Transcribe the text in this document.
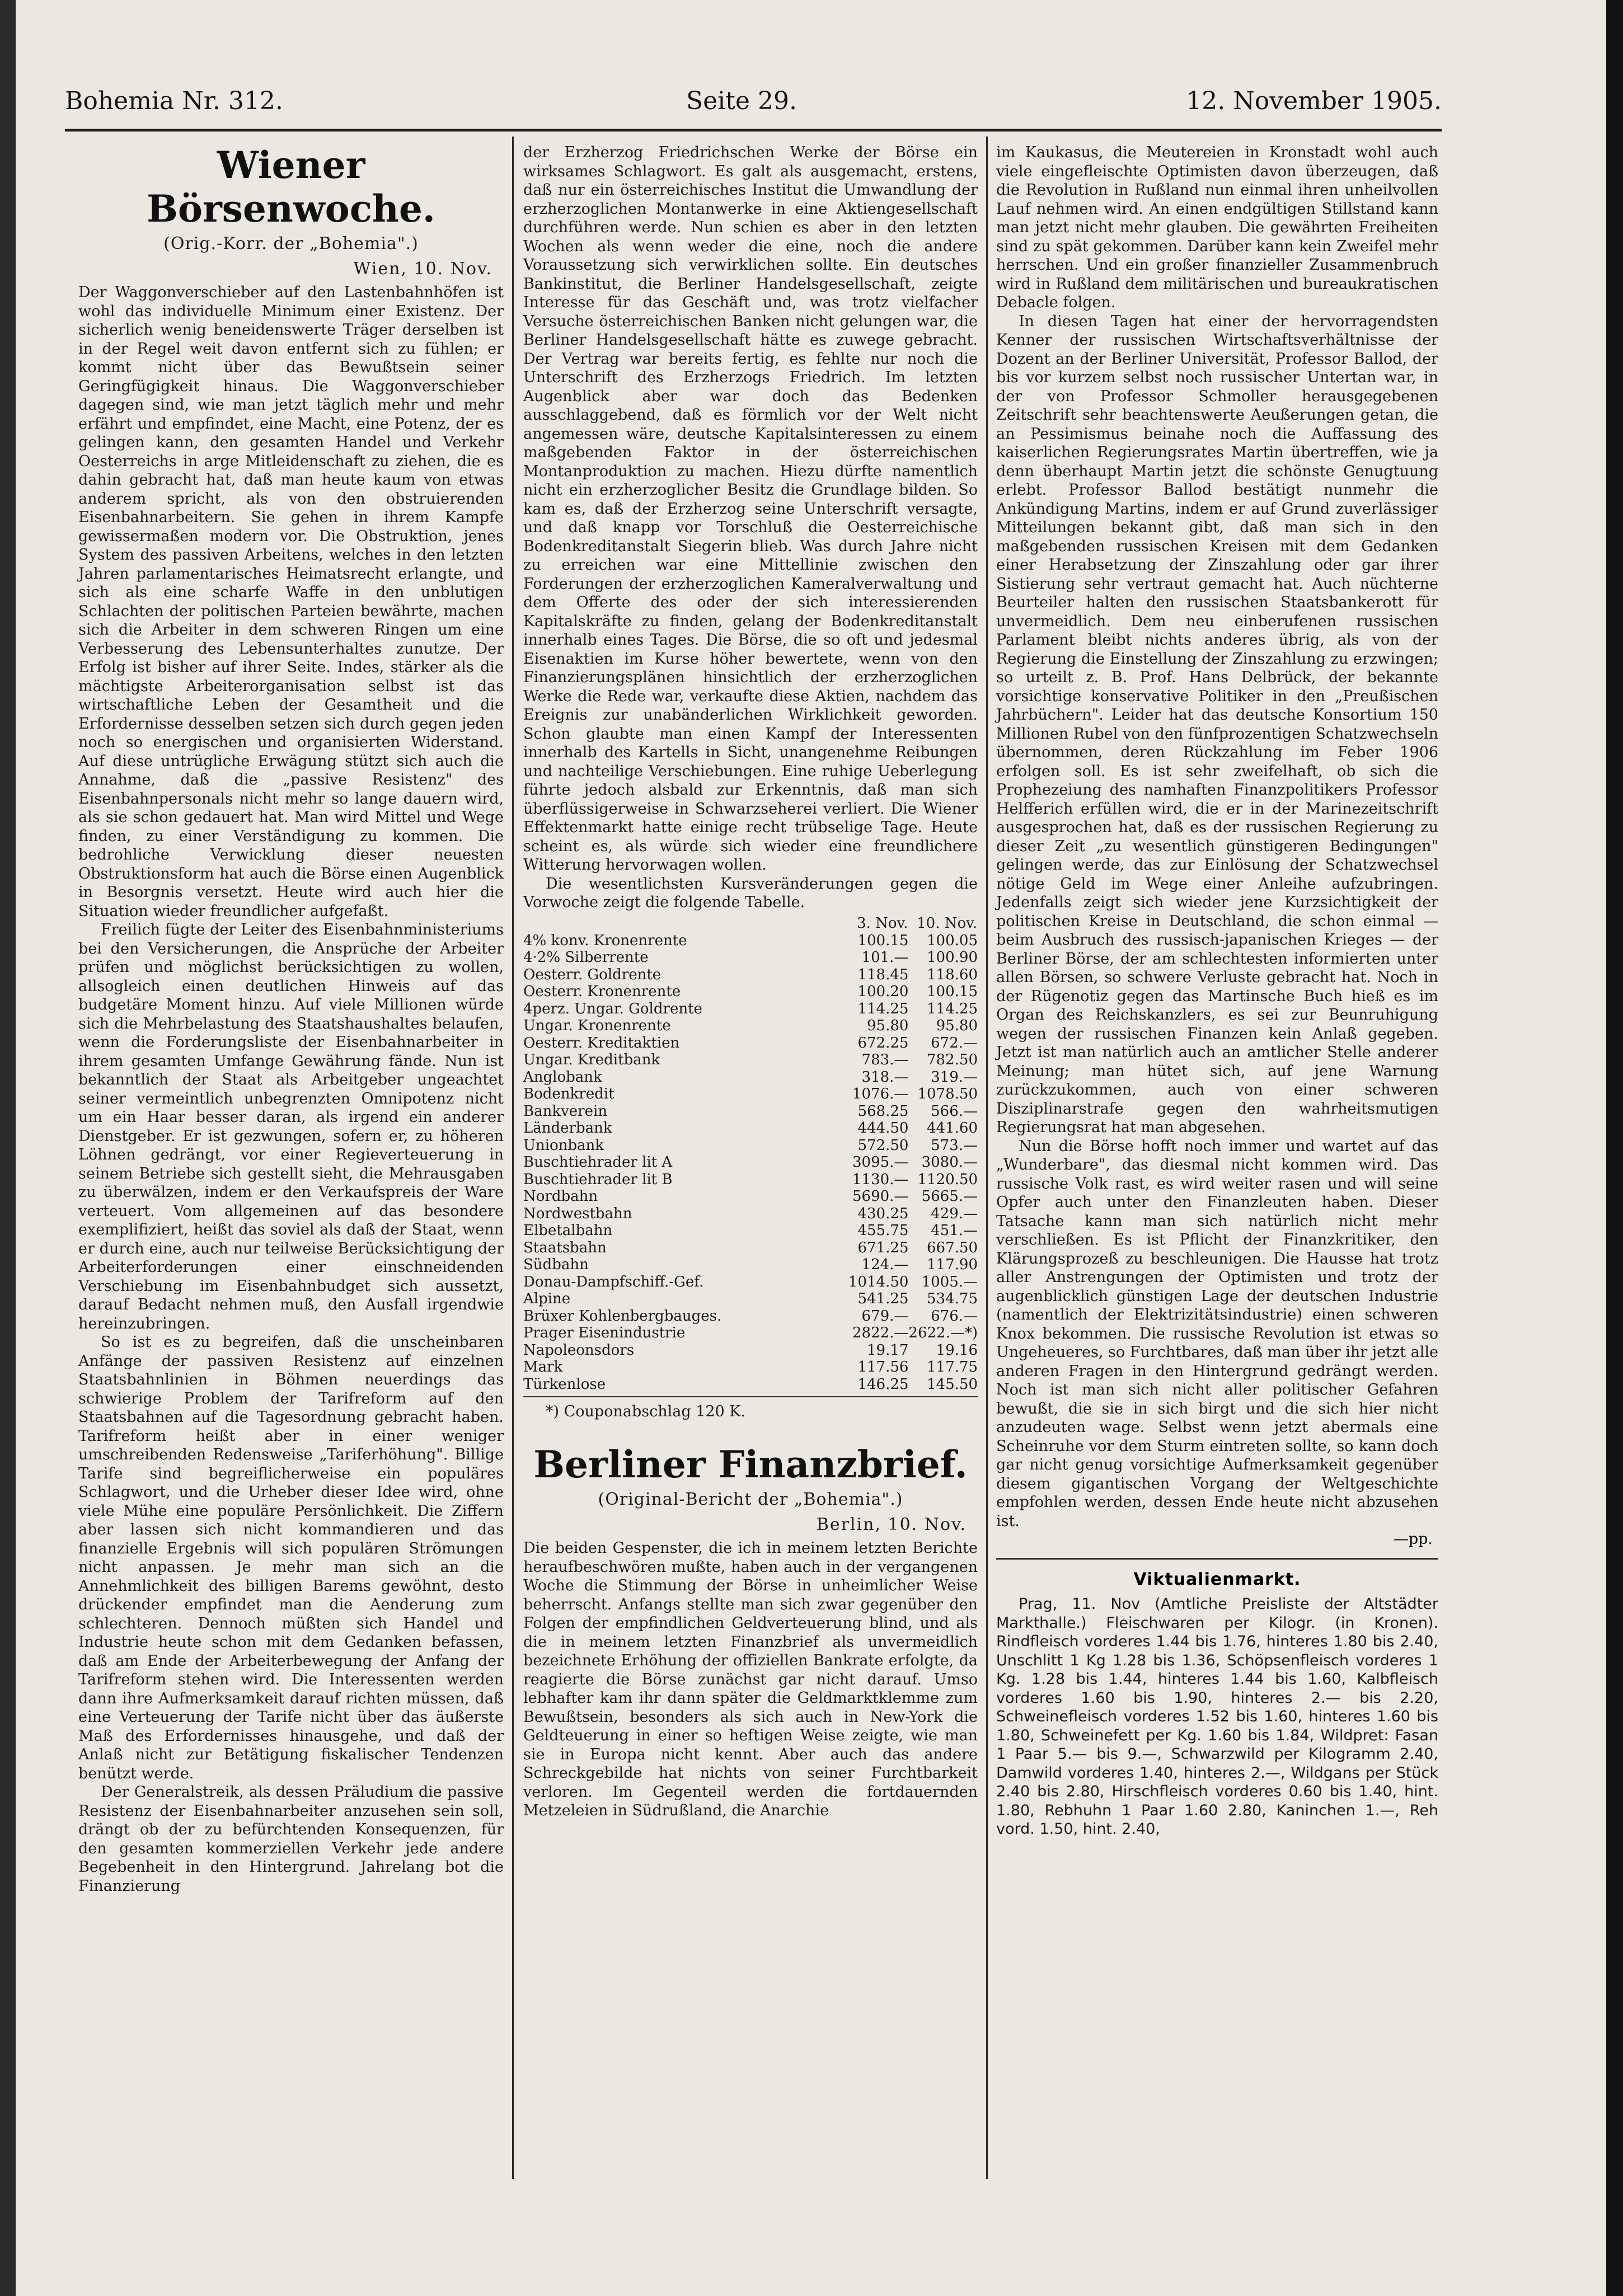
Bohemia Nr. 312.	Seite 29.	12. November 1905.
Wiener Börsenwoche.
(Orig.-Korr. der „Bohemia".)
Wien, 10. Nov.

Der Waggonverschieber auf den Lastenbahnhöfen ist wohl das individuelle Minimum einer Existenz. Der sicherlich wenig beneidenswerte Träger derselben ist in der Regel weit davon entfernt sich zu fühlen; er kommt nicht über das Bewußtsein seiner Geringfügigkeit hinaus. Die Waggonverschieber dagegen sind, wie man jetzt täglich mehr und mehr erfährt und empfindet, eine Macht, eine Potenz, der es gelingen kann, den gesamten Handel und Verkehr Oesterreichs in arge Mitleidenschaft zu ziehen, die es dahin gebracht hat, daß man heute kaum von etwas anderem spricht, als von den obstruierenden Eisenbahnarbeitern. Sie gehen in ihrem Kampfe gewissermaßen modern vor. Die Obstruktion, jenes System des passiven Arbeitens, welches in den letzten Jahren parlamentarisches Heimatsrecht erlangte, und sich als eine scharfe Waffe in den unblutigen Schlachten der politischen Parteien bewährte, machen sich die Arbeiter in dem schweren Ringen um eine Verbesserung des Lebensunterhaltes zunutze. Der Erfolg ist bisher auf ihrer Seite. Indes, stärker als die mächtigste Arbeiterorganisation selbst ist das wirtschaftliche Leben der Gesamtheit und die Erfordernisse desselben setzen sich durch gegen jeden noch so energischen und organisierten Widerstand. Auf diese untrügliche Erwägung stützt sich auch die Annahme, daß die „passive Resistenz" des Eisenbahnpersonals nicht mehr so lange dauern wird, als sie schon gedauert hat. Man wird Mittel und Wege finden, zu einer Verständigung zu kommen. Die bedrohliche Verwicklung dieser neuesten Obstruktionsform hat auch die Börse einen Augenblick in Besorgnis versetzt. Heute wird auch hier die Situation wieder freundlicher aufgefaßt.

Freilich fügte der Leiter des Eisenbahnministeriums bei den Versicherungen, die Ansprüche der Arbeiter prüfen und möglichst berücksichtigen zu wollen, allsogleich einen deutlichen Hinweis auf das budgetäre Moment hinzu. Auf viele Millionen würde sich die Mehrbelastung des Staatshaushaltes belaufen, wenn die Forderungsliste der Eisenbahnarbeiter in ihrem gesamten Umfange Gewährung fände. Nun ist bekanntlich der Staat als Arbeitgeber ungeachtet seiner vermeintlich unbegrenzten Omnipotenz nicht um ein Haar besser daran, als irgend ein anderer Dienstgeber. Er ist gezwungen, sofern er, zu höheren Löhnen gedrängt, vor einer Regieverteuerung in seinem Betriebe sich gestellt sieht, die Mehrausgaben zu überwälzen, indem er den Verkaufspreis der Ware verteuert. Vom allgemeinen auf das besondere exemplifiziert, heißt das soviel als daß der Staat, wenn er durch eine, auch nur teilweise Berücksichtigung der Arbeiterforderungen einer einschneidenden Verschiebung im Eisenbahnbudget sich aussetzt, darauf Bedacht nehmen muß, den Ausfall irgendwie hereinzubringen.

So ist es zu begreifen, daß die unscheinbaren Anfänge der passiven Resistenz auf einzelnen Staatsbahnlinien in Böhmen neuerdings das schwierige Problem der Tarifreform auf den Staatsbahnen auf die Tagesordnung gebracht haben. Tarifreform heißt aber in einer weniger umschreibenden Redensweise „Tariferhöhung". Billige Tarife sind begreiflicherweise ein populäres Schlagwort, und die Urheber dieser Idee wird, ohne viele Mühe eine populäre Persönlichkeit. Die Ziffern aber lassen sich nicht kommandieren und das finanzielle Ergebnis will sich populären Strömungen nicht anpassen. Je mehr man sich an die Annehmlichkeit des billigen Barems gewöhnt, desto drückender empfindet man die Aenderung zum schlechteren. Dennoch müßten sich Handel und Industrie heute schon mit dem Gedanken befassen, daß am Ende der Arbeiterbewegung der Anfang der Tarifreform stehen wird. Die Interessenten werden dann ihre Aufmerksamkeit darauf richten müssen, daß eine Verteuerung der Tarife nicht über das äußerste Maß des Erfordernisses hinausgehe, und daß der Anlaß nicht zur Betätigung fiskalischer Tendenzen benützt werde.

Der Generalstreik, als dessen Präludium die passive Resistenz der Eisenbahnarbeiter anzusehen sein soll, drängt ob der zu befürchtenden Konsequenzen, für den gesamten kommerziellen Verkehr jede andere Begebenheit in den Hintergrund. Jahrelang bot die Finanzierung

der Erzherzog Friedrichschen Werke der Börse ein wirksames Schlagwort. Es galt als ausgemacht, erstens, daß nur ein österreichisches Institut die Umwandlung der erzherzoglichen Montanwerke in eine Aktiengesellschaft durchführen werde. Nun schien es aber in den letzten Wochen als wenn weder die eine, noch die andere Voraussetzung sich verwirklichen sollte. Ein deutsches Bankinstitut, die Berliner Handelsgesellschaft, zeigte Interesse für das Geschäft und, was trotz vielfacher Versuche österreichischen Banken nicht gelungen war, die Berliner Handelsgesellschaft hätte es zuwege gebracht. Der Vertrag war bereits fertig, es fehlte nur noch die Unterschrift des Erzherzogs Friedrich. Im letzten Augenblick aber war doch das Bedenken ausschlaggebend, daß es förmlich vor der Welt nicht angemessen wäre, deutsche Kapitalsinteressen zu einem maßgebenden Faktor in der österreichischen Montanproduktion zu machen. Hiezu dürfte namentlich nicht ein erzherzoglicher Besitz die Grundlage bilden. So kam es, daß der Erzherzog seine Unterschrift versagte, und daß knapp vor Torschluß die Oesterreichische Bodenkreditanstalt Siegerin blieb. Was durch Jahre nicht zu erreichen war eine Mittellinie zwischen den Forderungen der erzherzoglichen Kameralverwaltung und dem Offerte des oder der sich interessierenden Kapitalskräfte zu finden, gelang der Bodenkreditanstalt innerhalb eines Tages. Die Börse, die so oft und jedesmal Eisenaktien im Kurse höher bewertete, wenn von den Finanzierungsplänen hinsichtlich der erzherzoglichen Werke die Rede war, verkaufte diese Aktien, nachdem das Ereignis zur unabänderlichen Wirklichkeit geworden. Schon glaubte man einen Kampf der Interessenten innerhalb des Kartells in Sicht, unangenehme Reibungen und nachteilige Verschiebungen. Eine ruhige Ueberlegung führte jedoch alsbald zur Erkenntnis, daß man sich überflüssigerweise in Schwarzseherei verliert. Die Wiener Effektenmarkt hatte einige recht trübselige Tage. Heute scheint es, als würde sich wieder eine freundlichere Witterung hervorwagen wollen.

Die wesentlichsten Kursveränderungen gegen die Vorwoche zeigt die folgende Tabelle.

	3. Nov.	10. Nov.
4% konv. Kronenrente	100.15	100.05
4·2% Silberrente	101.—	100.90
Oesterr. Goldrente	118.45	118.60
Oesterr. Kronenrente	100.20	100.15
4perz. Ungar. Goldrente	114.25	114.25
Ungar. Kronenrente	95.80	95.80
Oesterr. Kreditaktien	672.25	672.—
Ungar. Kreditbank	783.—	782.50
Anglobank	318.—	319.—
Bodenkredit	1076.—	1078.50
Bankverein	568.25	566.—
Länderbank	444.50	441.60
Unionbank	572.50	573.—
Buschtiehrader lit A	3095.—	3080.—
Buschtiehrader lit B	1130.—	1120.50
Nordbahn	5690.—	5665.—
Nordwestbahn	430.25	429.—
Elbetalbahn	455.75	451.—
Staatsbahn	671.25	667.50
Südbahn	124.—	117.90
Donau-Dampfschiff.-Gef.	1014.50	1005.—
Alpine	541.25	534.75
Brüxer Kohlenbergbauges.	679.—	676.—
Prager Eisenindustrie	2822.—	2622.—*)
Napoleonsdors	19.17	19.16
Mark	117.56	117.75
Türkenlose	146.25	145.50
*) Couponabschlag 120 K.
Berliner Finanzbrief.
(Original-Bericht der „Bohemia".)
Berlin, 10. Nov.

Die beiden Gespenster, die ich in meinem letzten Berichte heraufbeschwören mußte, haben auch in der vergangenen Woche die Stimmung der Börse in unheimlicher Weise beherrscht. Anfangs stellte man sich zwar gegenüber den Folgen der empfindlichen Geldverteuerung blind, und als die in meinem letzten Finanzbrief als unvermeidlich bezeichnete Erhöhung der offiziellen Bankrate erfolgte, da reagierte die Börse zunächst gar nicht darauf. Umso lebhafter kam ihr dann später die Geldmarktklemme zum Bewußtsein, besonders als sich auch in New-York die Geldteuerung in einer so heftigen Weise zeigte, wie man sie in Europa nicht kennt. Aber auch das andere Schreckgebilde hat nichts von seiner Furchtbarkeit verloren. Im Gegenteil werden die fortdauernden Metzeleien in Südrußland, die Anarchie

im Kaukasus, die Meutereien in Kronstadt wohl auch viele eingefleischte Optimisten davon überzeugen, daß die Revolution in Rußland nun einmal ihren unheilvollen Lauf nehmen wird. An einen endgültigen Stillstand kann man jetzt nicht mehr glauben. Die gewährten Freiheiten sind zu spät gekommen. Darüber kann kein Zweifel mehr herrschen. Und ein großer finanzieller Zusammenbruch wird in Rußland dem militärischen und bureaukratischen Debacle folgen.

In diesen Tagen hat einer der hervorragendsten Kenner der russischen Wirtschaftsverhältnisse der Dozent an der Berliner Universität, Professor Ballod, der bis vor kurzem selbst noch russischer Untertan war, in der von Professor Schmoller herausgegebenen Zeitschrift sehr beachtenswerte Aeußerungen getan, die an Pessimismus beinahe noch die Auffassung des kaiserlichen Regierungsrates Martin übertreffen, wie ja denn überhaupt Martin jetzt die schönste Genugtuung erlebt. Professor Ballod bestätigt nunmehr die Ankündigung Martins, indem er auf Grund zuverlässiger Mitteilungen bekannt gibt, daß man sich in den maßgebenden russischen Kreisen mit dem Gedanken einer Herabsetzung der Zinszahlung oder gar ihrer Sistierung sehr vertraut gemacht hat. Auch nüchterne Beurteiler halten den russischen Staatsbankerott für unvermeidlich. Dem neu einberufenen russischen Parlament bleibt nichts anderes übrig, als von der Regierung die Einstellung der Zinszahlung zu erzwingen; so urteilt z. B. Prof. Hans Delbrück, der bekannte vorsichtige konservative Politiker in den „Preußischen Jahrbüchern". Leider hat das deutsche Konsortium 150 Millionen Rubel von den fünfprozentigen Schatzwechseln übernommen, deren Rückzahlung im Feber 1906 erfolgen soll. Es ist sehr zweifelhaft, ob sich die Prophezeiung des namhaften Finanzpolitikers Professor Helfferich erfüllen wird, die er in der Marinezeitschrift ausgesprochen hat, daß es der russischen Regierung zu dieser Zeit „zu wesentlich günstigeren Bedingungen" gelingen werde, das zur Einlösung der Schatzwechsel nötige Geld im Wege einer Anleihe aufzubringen. Jedenfalls zeigt sich wieder jene Kurzsichtigkeit der politischen Kreise in Deutschland, die schon einmal — beim Ausbruch des russisch-japanischen Krieges — der Berliner Börse, der am schlechtesten informierten unter allen Börsen, so schwere Verluste gebracht hat. Noch in der Rügenotiz gegen das Martinsche Buch hieß es im Organ des Reichskanzlers, es sei zur Beunruhigung wegen der russischen Finanzen kein Anlaß gegeben. Jetzt ist man natürlich auch an amtlicher Stelle anderer Meinung; man hütet sich, auf jene Warnung zurückzukommen, auch von einer schweren Disziplinarstrafe gegen den wahrheitsmutigen Regierungsrat hat man abgesehen.

Nun die Börse hofft noch immer und wartet auf das „Wunderbare", das diesmal nicht kommen wird. Das russische Volk rast, es wird weiter rasen und will seine Opfer auch unter den Finanzleuten haben. Dieser Tatsache kann man sich natürlich nicht mehr verschließen. Es ist Pflicht der Finanzkritiker, den Klärungsprozeß zu beschleunigen. Die Hausse hat trotz aller Anstrengungen der Optimisten und trotz der augenblicklich günstigen Lage der deutschen Industrie (namentlich der Elektrizitätsindustrie) einen schweren Knox bekommen. Die russische Revolution ist etwas so Ungeheueres, so Furchtbares, daß man über ihr jetzt alle anderen Fragen in den Hintergrund gedrängt werden. Noch ist man sich nicht aller politischer Gefahren bewußt, die sie in sich birgt und die sich hier nicht anzudeuten wage. Selbst wenn jetzt abermals eine Scheinruhe vor dem Sturm eintreten sollte, so kann doch gar nicht genug vorsichtige Aufmerksamkeit gegenüber diesem gigantischen Vorgang der Weltgeschichte empfohlen werden, dessen Ende heute nicht abzusehen ist.

—pp.
Viktualienmarkt.

Prag, 11. Nov (Amtliche Preisliste der Altstädter Markthalle.) Fleischwaren per Kilogr. (in Kronen). Rindfleisch vorderes 1.44 bis 1.76, hinteres 1.80 bis 2.40, Unschlitt 1 Kg 1.28 bis 1.36, Schöpsenfleisch vorderes 1 Kg. 1.28 bis 1.44, hinteres 1.44 bis 1.60, Kalbfleisch vorderes 1.60 bis 1.90, hinteres 2.— bis 2.20, Schweinefleisch vorderes 1.52 bis 1.60, hinteres 1.60 bis 1.80, Schweinefett per Kg. 1.60 bis 1.84, Wildpret: Fasan 1 Paar 5.— bis 9.—, Schwarzwild per Kilogramm 2.40, Damwild vorderes 1.40, hinteres 2.—, Wildgans per Stück 2.40 bis 2.80, Hirschfleisch vorderes 0.60 bis 1.40, hint. 1.80, Rebhuhn 1 Paar 1.60 2.80, Kaninchen 1.—, Reh vord. 1.50, hint. 2.40,
